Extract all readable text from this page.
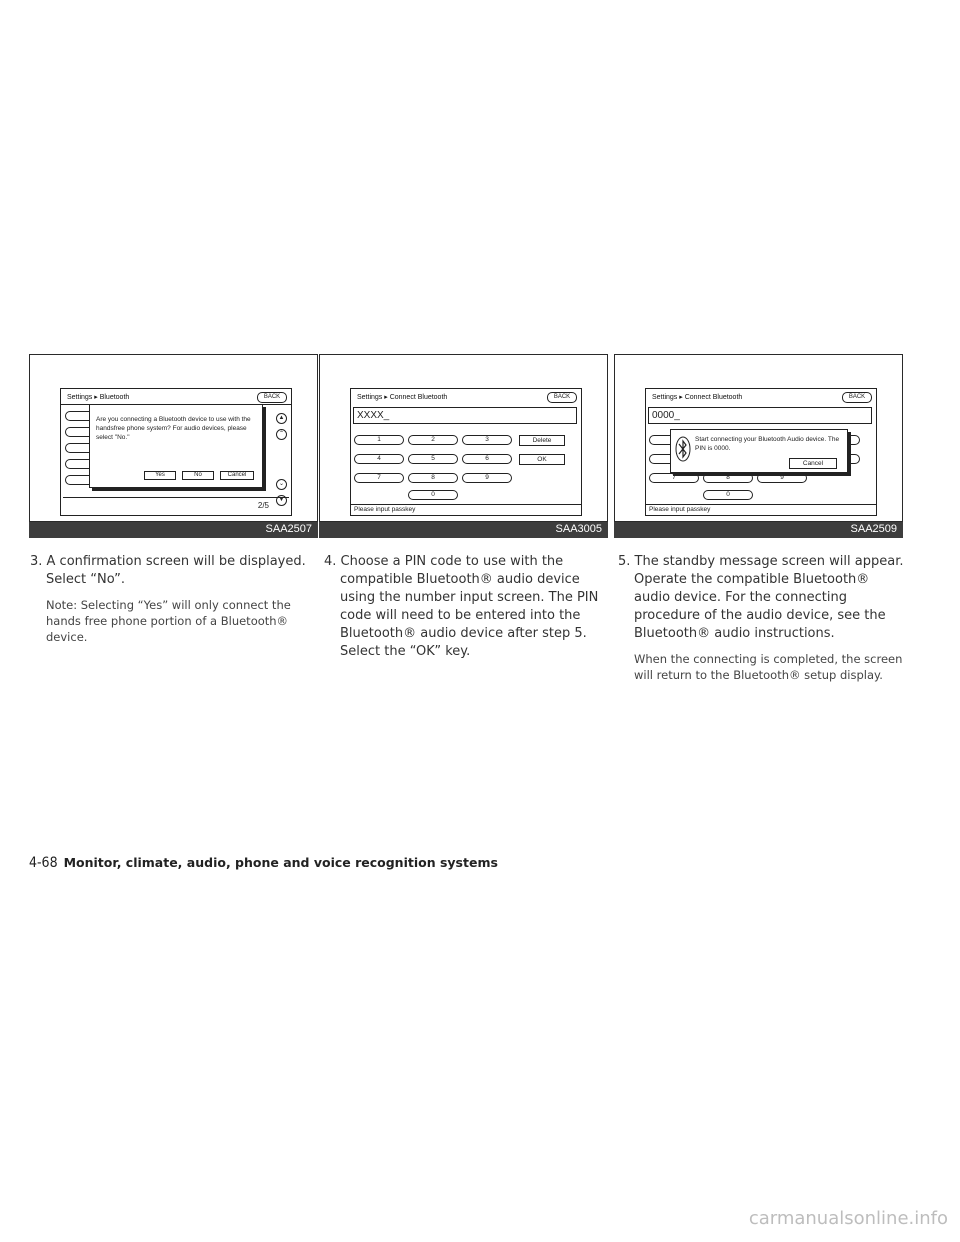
Settings ▸ Bluetooth	BACK
▲
⌃
⌄
▼
2/5
Are you connecting a Bluetooth device to use with the handsfree phone system? For audio devices, please select "No."
Yes	No	Cancel
SAA2507
Settings ▸ Connect Bluetooth	BACK
XXXX_
1	2	3	Delete
4	5	6	OK
7	8	9
0
Please input passkey
SAA3005
Settings ▸ Connect Bluetooth	BACK
0000_
7	8	9
0
Please input passkey
Start connecting your Bluetooth Audio device. The PIN is 0000.
Cancel
SAA2509
3. A confirmation screen will be displayed. Select “No”.
Note: Selecting “Yes” will only connect the hands free phone portion of a Bluetooth® device.
4. Choose a PIN code to use with the compatible Bluetooth® audio device using the number input screen. The PIN code will need to be entered into the Bluetooth® audio device after step 5. Select the “OK” key.
5. The standby message screen will appear. Operate the compatible Bluetooth® audio device. For the connecting procedure of the audio device, see the Bluetooth® audio instructions.
When the connecting is completed, the screen will return to the Bluetooth® setup display.
4-68 Monitor, climate, audio, phone and voice recognition systems
carmanualsonline.info
